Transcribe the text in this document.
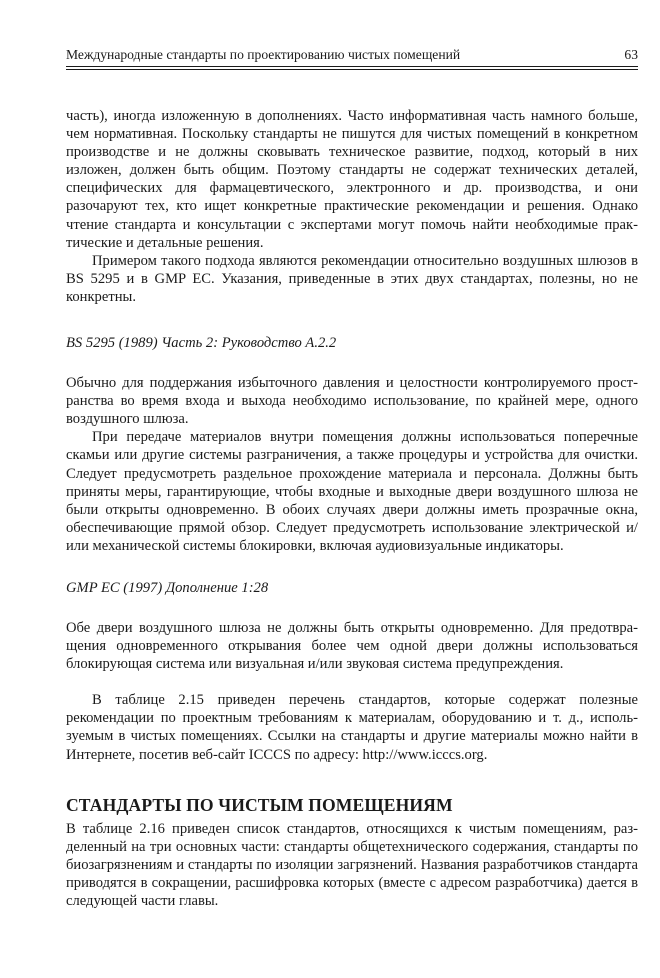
Международные стандарты по проектированию чистых помещений	63

часть), иногда изложенную в дополнениях. Часто информативная часть намного больше, чем нормативная. Поскольку стандарты не пишутся для чистых помещений в конкретном производстве и не должны сковывать техническое развитие, подход, который в них изложен, должен быть общим. Поэтому стандарты не содержат технических деталей, специфических для фармацевтического, электронного и др. производства, и они разочаруют тех, кто ищет конкретные практические рекомендации и решения. Однако чтение стандарта и консультации с экспертами могут помочь найти необходимые практические и детальные решения.

Примером такого подхода являются рекомендации относительно воздушных шлюзов в BS 5295 и в GMP ЕС. Указания, приведенные в этих двух стандартах, полезны, но не конкретны.

BS 5295 (1989) Часть 2: Руководство А.2.2

Обычно для поддержания избыточного давления и целостности контролируемого пространства во время входа и выхода необходимо использование, по крайней мере, одного воздушного шлюза.

При передаче материалов внутри помещения должны использоваться поперечные скамьи или другие системы разграничения, а также процедуры и устройства для очистки. Следует предусмотреть раздельное прохождение материала и персонала. Должны быть приняты меры, гарантирующие, чтобы входные и выходные двери воздушного шлюза не были открыты одновременно. В обоих случаях двери должны иметь прозрачные окна, обеспечивающие прямой обзор. Следует предусмотреть использование электрической и/или механической системы блокировки, включая аудиовизуальные индикаторы.

GMP ЕС (1997) Дополнение 1:28

Обе двери воздушного шлюза не должны быть открыты одновременно. Для предотвращения одновременного открывания более чем одной двери должны использоваться блокирующая система или визуальная и/или звуковая система предупреждения.

В таблице 2.15 приведен перечень стандартов, которые содержат полезные рекомендации по проектным требованиям к материалам, оборудованию и т. д., используемым в чистых помещениях. Ссылки на стандарты и другие материалы можно найти в Интернете, посетив веб-сайт ICCCS по адресу: http://www.icccs.org.

СТАНДАРТЫ ПО ЧИСТЫМ ПОМЕЩЕНИЯМ

В таблице 2.16 приведен список стандартов, относящихся к чистым помещениям, разделенный на три основных части: стандарты общетехнического содержания, стандарты по биозагрязнениям и стандарты по изоляции загрязнений. Названия разработчиков стандарта приводятся в сокращении, расшифровка которых (вместе с адресом разработчика) дается в следующей части главы.
